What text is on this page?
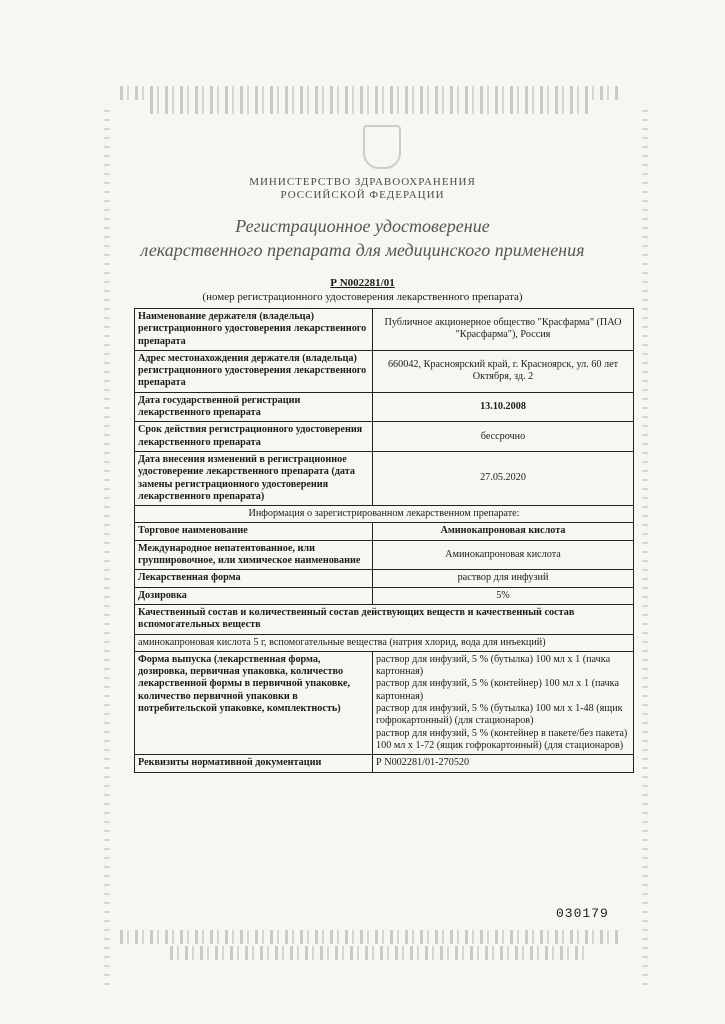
МИНИСТЕРСТВО ЗДРАВООХРАНЕНИЯ
РОССИЙСКОЙ ФЕДЕРАЦИИ
Регистрационное удостоверение
лекарственного препарата для медицинского применения
Р N002281/01
(номер регистрационного удостоверения лекарственного препарата)
Наименование держателя (владельца) регистрационного удостоверения лекарственного препарата	Публичное акционерное общество "Красфарма" (ПАО "Красфарма"), Россия
Адрес местонахождения держателя (владельца) регистрационного удостоверения лекарственного препарата	660042, Красноярский край, г. Красноярск, ул. 60 лет Октября, зд. 2
Дата государственной регистрации лекарственного препарата	13.10.2008
Срок действия регистрационного удостоверения лекарственного препарата	бессрочно
Дата внесения изменений в регистрационное удостоверение лекарственного препарата (дата замены регистрационного удостоверения лекарственного препарата)	27.05.2020
Информация о зарегистрированном лекарственном препарате:	
Торговое наименование	Аминокапроновая кислота
Международное непатентованное, или группировочное, или химическое наименование	Аминокапроновая кислота
Лекарственная форма	раствор для инфузий
Дозировка	5%
Качественный состав и количественный состав действующих веществ и качественный состав вспомогательных веществ	
аминокапроновая кислота 5 г, вспомогательные вещества (натрия хлорид, вода для инъекций)	
Форма выпуска (лекарственная форма, дозировка, первичная упаковка, количество лекарственной формы в первичной упаковке, количество первичной упаковки в потребительской упаковке, комплектность)	раствор для инфузий, 5 % (бутылка) 100 мл x 1 (пачка картонная)
раствор для инфузий, 5 % (контейнер) 100 мл x 1 (пачка картонная)
раствор для инфузий, 5 % (бутылка) 100 мл x 1-48 (ящик гофрокартонный) (для стационаров)
раствор для инфузий, 5 % (контейнер в пакете/без пакета) 100 мл x 1-72 (ящик гофрокартонный) (для стационаров)

Реквизиты нормативной документации	Р N002281/01-270520
030179
